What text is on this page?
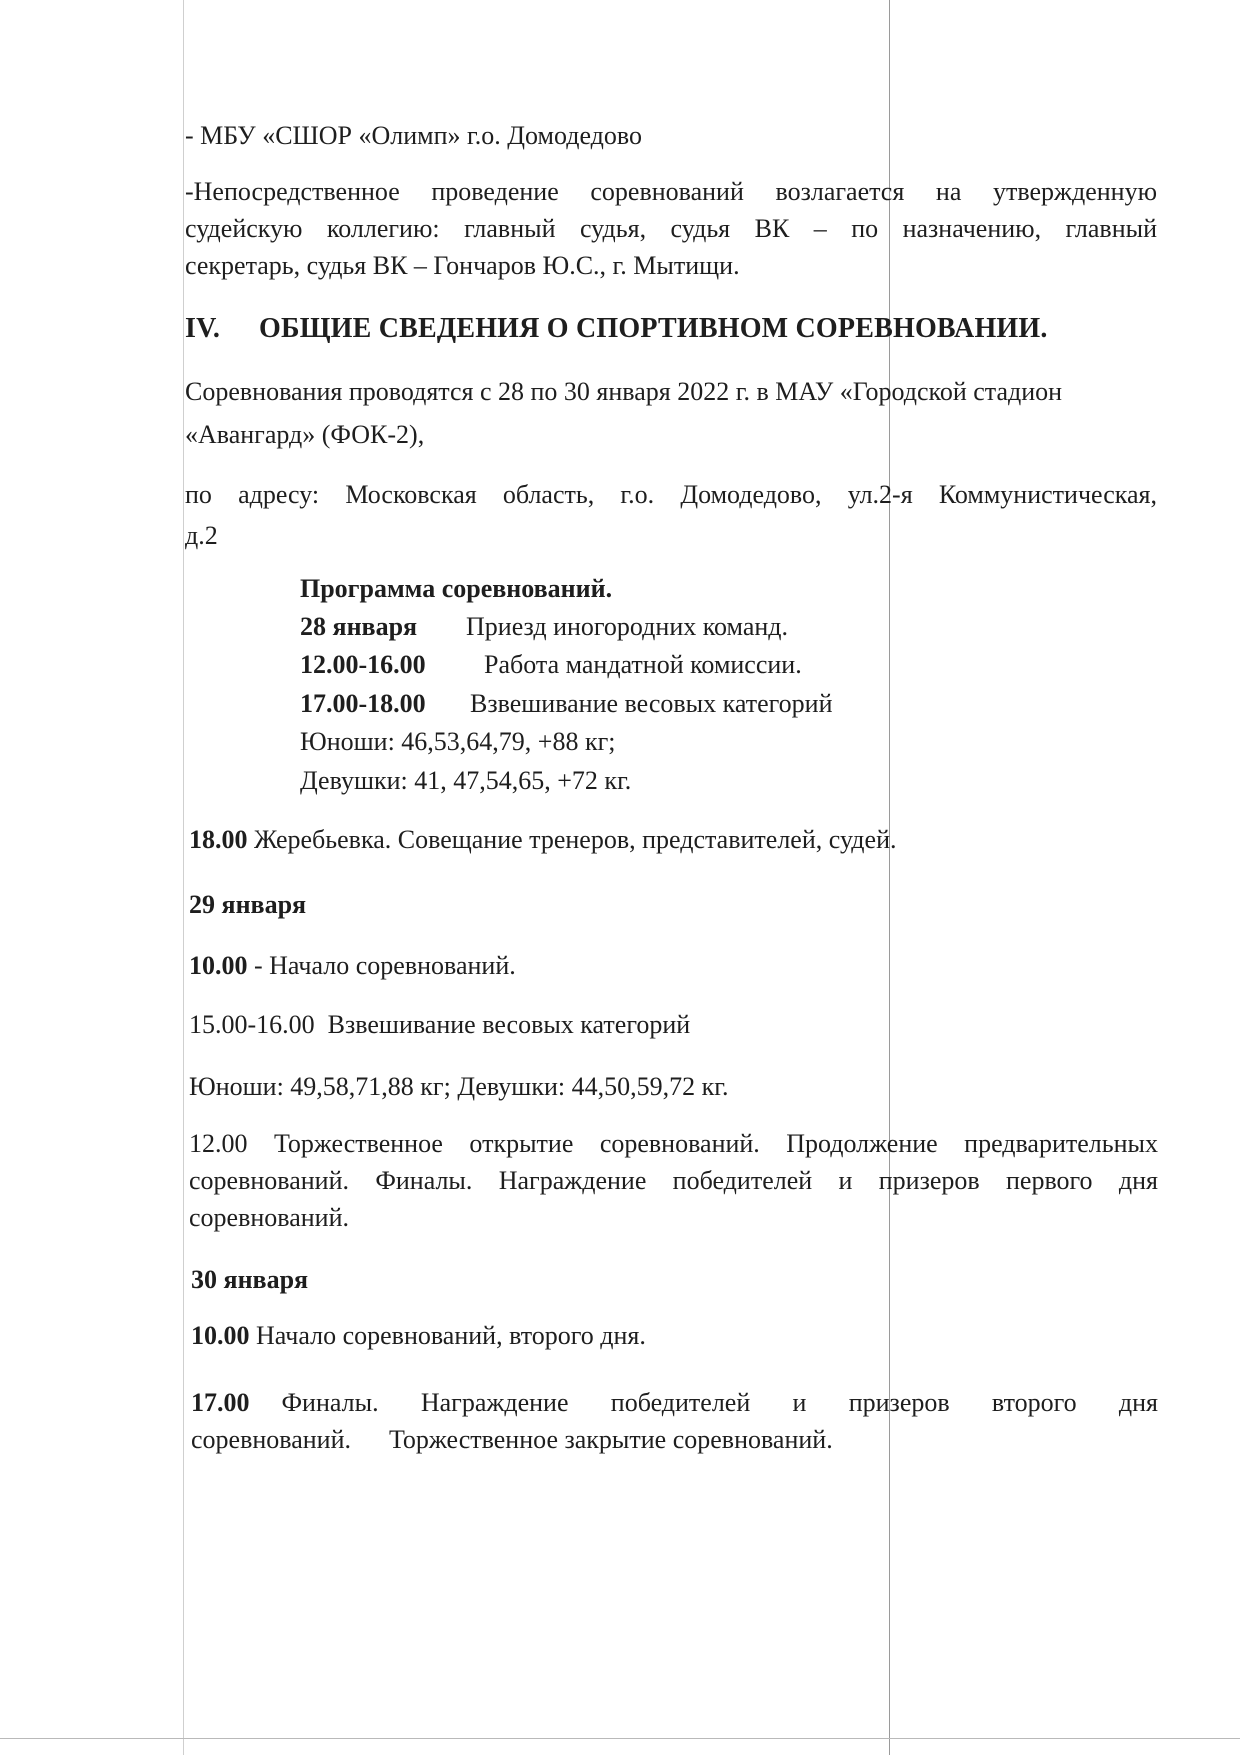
- МБУ «СШОР «Олимп» г.о. Домодедово
-Непосредственное проведение соревнований возлагается на утвержденную
судейскую коллегию: главный судья, судья ВК – по назначению, главный
секретарь, судья ВК – Гончаров Ю.С., г. Мытищи.
IV. ОБЩИЕ СВЕДЕНИЯ О СПОРТИВНОМ СОРЕВНОВАНИИ.
Соревнования проводятся с 28 по 30 января 2022 г. в МАУ «Городской стадион
«Авангард» (ФОК-2),
по адресу: Московская область, г.о. Домодедово, ул.2-я Коммунистическая,
д.2
Программа соревнований.
28 января Приезд иногородних команд.
12.00-16.00 Работа мандатной комиссии.
17.00-18.00 Взвешивание весовых категорий
Юноши: 46,53,64,79, +88 кг;
Девушки: 41, 47,54,65, +72 кг.
18.00 Жеребьевка. Совещание тренеров, представителей, судей.
29 января
10.00 - Начало соревнований.
15.00-16.00  Взвешивание весовых категорий
Юноши: 49,58,71,88 кг; Девушки: 44,50,59,72 кг.
12.00 Торжественное открытие соревнований. Продолжение предварительных
соревнований. Финалы. Награждение победителей и призеров первого дня
соревнований.
30 января
10.00 Начало соревнований, второго дня.
17.00 Финалы. Награждение победителей и призеров второго дня
соревнований. Торжественное закрытие соревнований.
